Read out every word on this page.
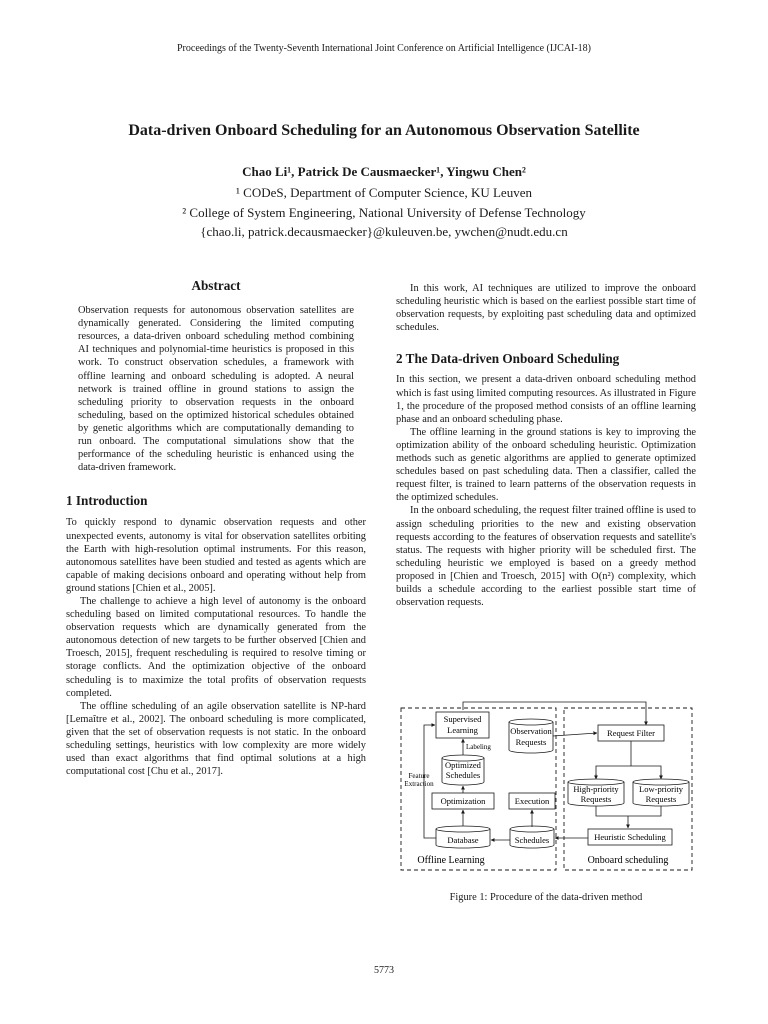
Proceedings of the Twenty-Seventh International Joint Conference on Artificial Intelligence (IJCAI-18)
Data-driven Onboard Scheduling for an Autonomous Observation Satellite
Chao Li¹, Patrick De Causmaecker¹, Yingwu Chen²
¹ CODeS, Department of Computer Science, KU Leuven
² College of System Engineering, National University of Defense Technology
{chao.li, patrick.decausmaecker}@kuleuven.be, ywchen@nudt.edu.cn
Abstract

Observation requests for autonomous observation satellites are dynamically generated. Considering the limited computing resources, a data-driven onboard scheduling method combining AI techniques and polynomial-time heuristics is proposed in this work. To construct observation schedules, a framework with offline learning and onboard scheduling is adopted. A neural network is trained offline in ground stations to assign the scheduling priority to observation requests in the onboard scheduling, based on the optimized historical schedules obtained by genetic algorithms which are computationally demanding to run onboard. The computational simulations show that the performance of the scheduling heuristic is enhanced using the data-driven framework.

1 Introduction

To quickly respond to dynamic observation requests and other unexpected events, autonomy is vital for observation satellites orbiting the Earth with high-resolution optimal instruments. For this reason, autonomous satellites have been studied and tested as agents which are capable of making decisions onboard and operating without help from ground stations [Chien et al., 2005].

The challenge to achieve a high level of autonomy is the onboard scheduling based on limited computational resources. To handle the observation requests which are dynamically generated from the autonomous detection of new targets to be further observed [Chien and Troesch, 2015], frequent rescheduling is required to resolve timing or storage conflicts. And the optimization objective of the onboard scheduling is to maximize the total profits of observation requests completed.

The offline scheduling of an agile observation satellite is NP-hard [Lemaître et al., 2002]. The onboard scheduling is more complicated, given that the set of observation requests is not static. In the onboard scheduling settings, heuristics with low complexity are more widely used than exact algorithms that find optimal solutions at a high computational cost [Chu et al., 2017].

In this work, AI techniques are utilized to improve the onboard scheduling heuristic which is based on the earliest possible start time of observation requests, by exploiting past scheduling data and optimized schedules.

2 The Data-driven Onboard Scheduling

In this section, we present a data-driven onboard scheduling method which is fast using limited computing resources. As illustrated in Figure 1, the procedure of the proposed method consists of an offline learning phase and an onboard scheduling phase.

The offline learning in the ground stations is key to improving the optimization ability of the onboard scheduling heuristic. Optimization methods such as genetic algorithms are applied to generate optimized schedules based on past scheduling data. Then a classifier, called the request filter, is trained to learn patterns of the observation requests in the optimized schedules.

In the onboard scheduling, the request filter trained offline is used to assign scheduling priorities to the new and existing observation requests according to the features of observation requests and satellite's status. The requests with higher priority will be scheduled first. The scheduling heuristic we employed is based on a greedy method proposed in [Chien and Troesch, 2015] with O(n²) complexity, which builds a schedule according to the earliest possible start time of observation requests.

Supervised
Learning	Observation
Requests
Request Filter
Labeling
Optimized
Schedules
Feature
Extraction
Optimization
Database
Execution
Schedules
High-priority
Requests
Low-priority
Requests
Heuristic Scheduling
Offline Learning	Onboard scheduling
Figure 1: Procedure of the data-driven method
5773
